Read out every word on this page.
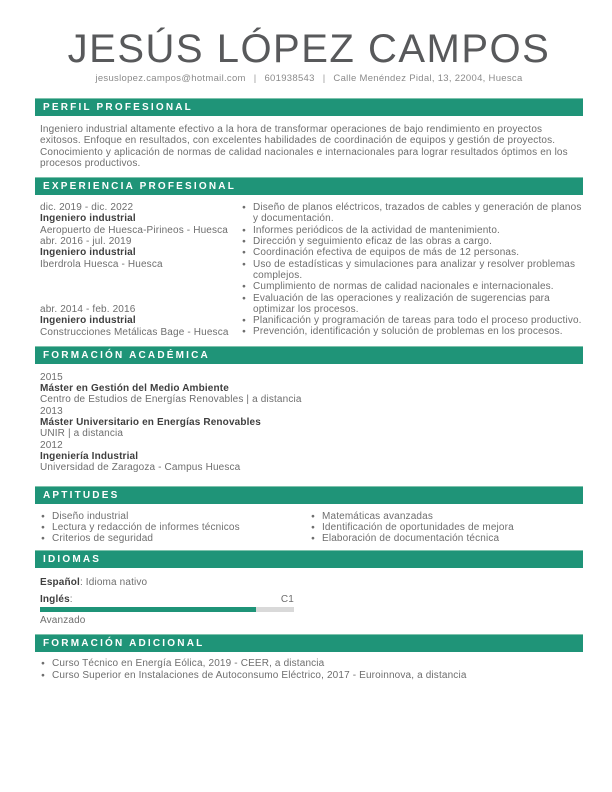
JESÚS LÓPEZ CAMPOS
jesuslopez.campos@hotmail.com | 601938543 | Calle Menéndez Pidal, 13, 22004, Huesca
PERFIL PROFESIONAL

Ingeniero industrial altamente efectivo a la hora de transformar operaciones de bajo rendimiento en proyectos exitosos. Enfoque en resultados, con excelentes habilidades de coordinación de equipos y gestión de proyectos. Conocimiento y aplicación de normas de calidad nacionales e internacionales para lograr resultados óptimos en los procesos productivos.

EXPERIENCIA PROFESIONAL
dic. 2019 - dic. 2022
Ingeniero industrial
Aeropuerto de Huesca-Pirineos - Huesca
abr. 2016 - jul. 2019
Ingeniero industrial
Iberdrola Huesca - Huesca
abr. 2014 - feb. 2016
Ingeniero industrial
Construcciones Metálicas Bage - Huesca
● Diseño de planos eléctricos, trazados de cables y generación de planos y documentación.
● Informes periódicos de la actividad de mantenimiento.
● Dirección y seguimiento eficaz de las obras a cargo.
● Coordinación efectiva de equipos de más de 12 personas.
● Uso de estadísticas y simulaciones para analizar y resolver problemas complejos.
● Cumplimiento de normas de calidad nacionales e internacionales.
● Evaluación de las operaciones y realización de sugerencias para optimizar los procesos.
● Planificación y programación de tareas para todo el proceso productivo.
● Prevención, identificación y solución de problemas en los procesos.
FORMACIÓN ACADÉMICA
2015
Máster en Gestión del Medio Ambiente
Centro de Estudios de Energías Renovables | a distancia
2013
Máster Universitario en Energías Renovables
UNIR | a distancia
2012
Ingeniería Industrial
Universidad de Zaragoza - Campus Huesca
APTITUDES
● Diseño industrial
● Lectura y redacción de informes técnicos
● Criterios de seguridad
● Matemáticas avanzadas
● Identificación de oportunidades de mejora
● Elaboración de documentación técnica
IDIOMAS
Español: Idioma nativo
Inglés:	C1
Avanzado
FORMACIÓN ADICIONAL
● Curso Técnico en Energía Eólica, 2019 - CEER, a distancia
● Curso Superior en Instalaciones de Autoconsumo Eléctrico, 2017 - Euroinnova, a distancia
